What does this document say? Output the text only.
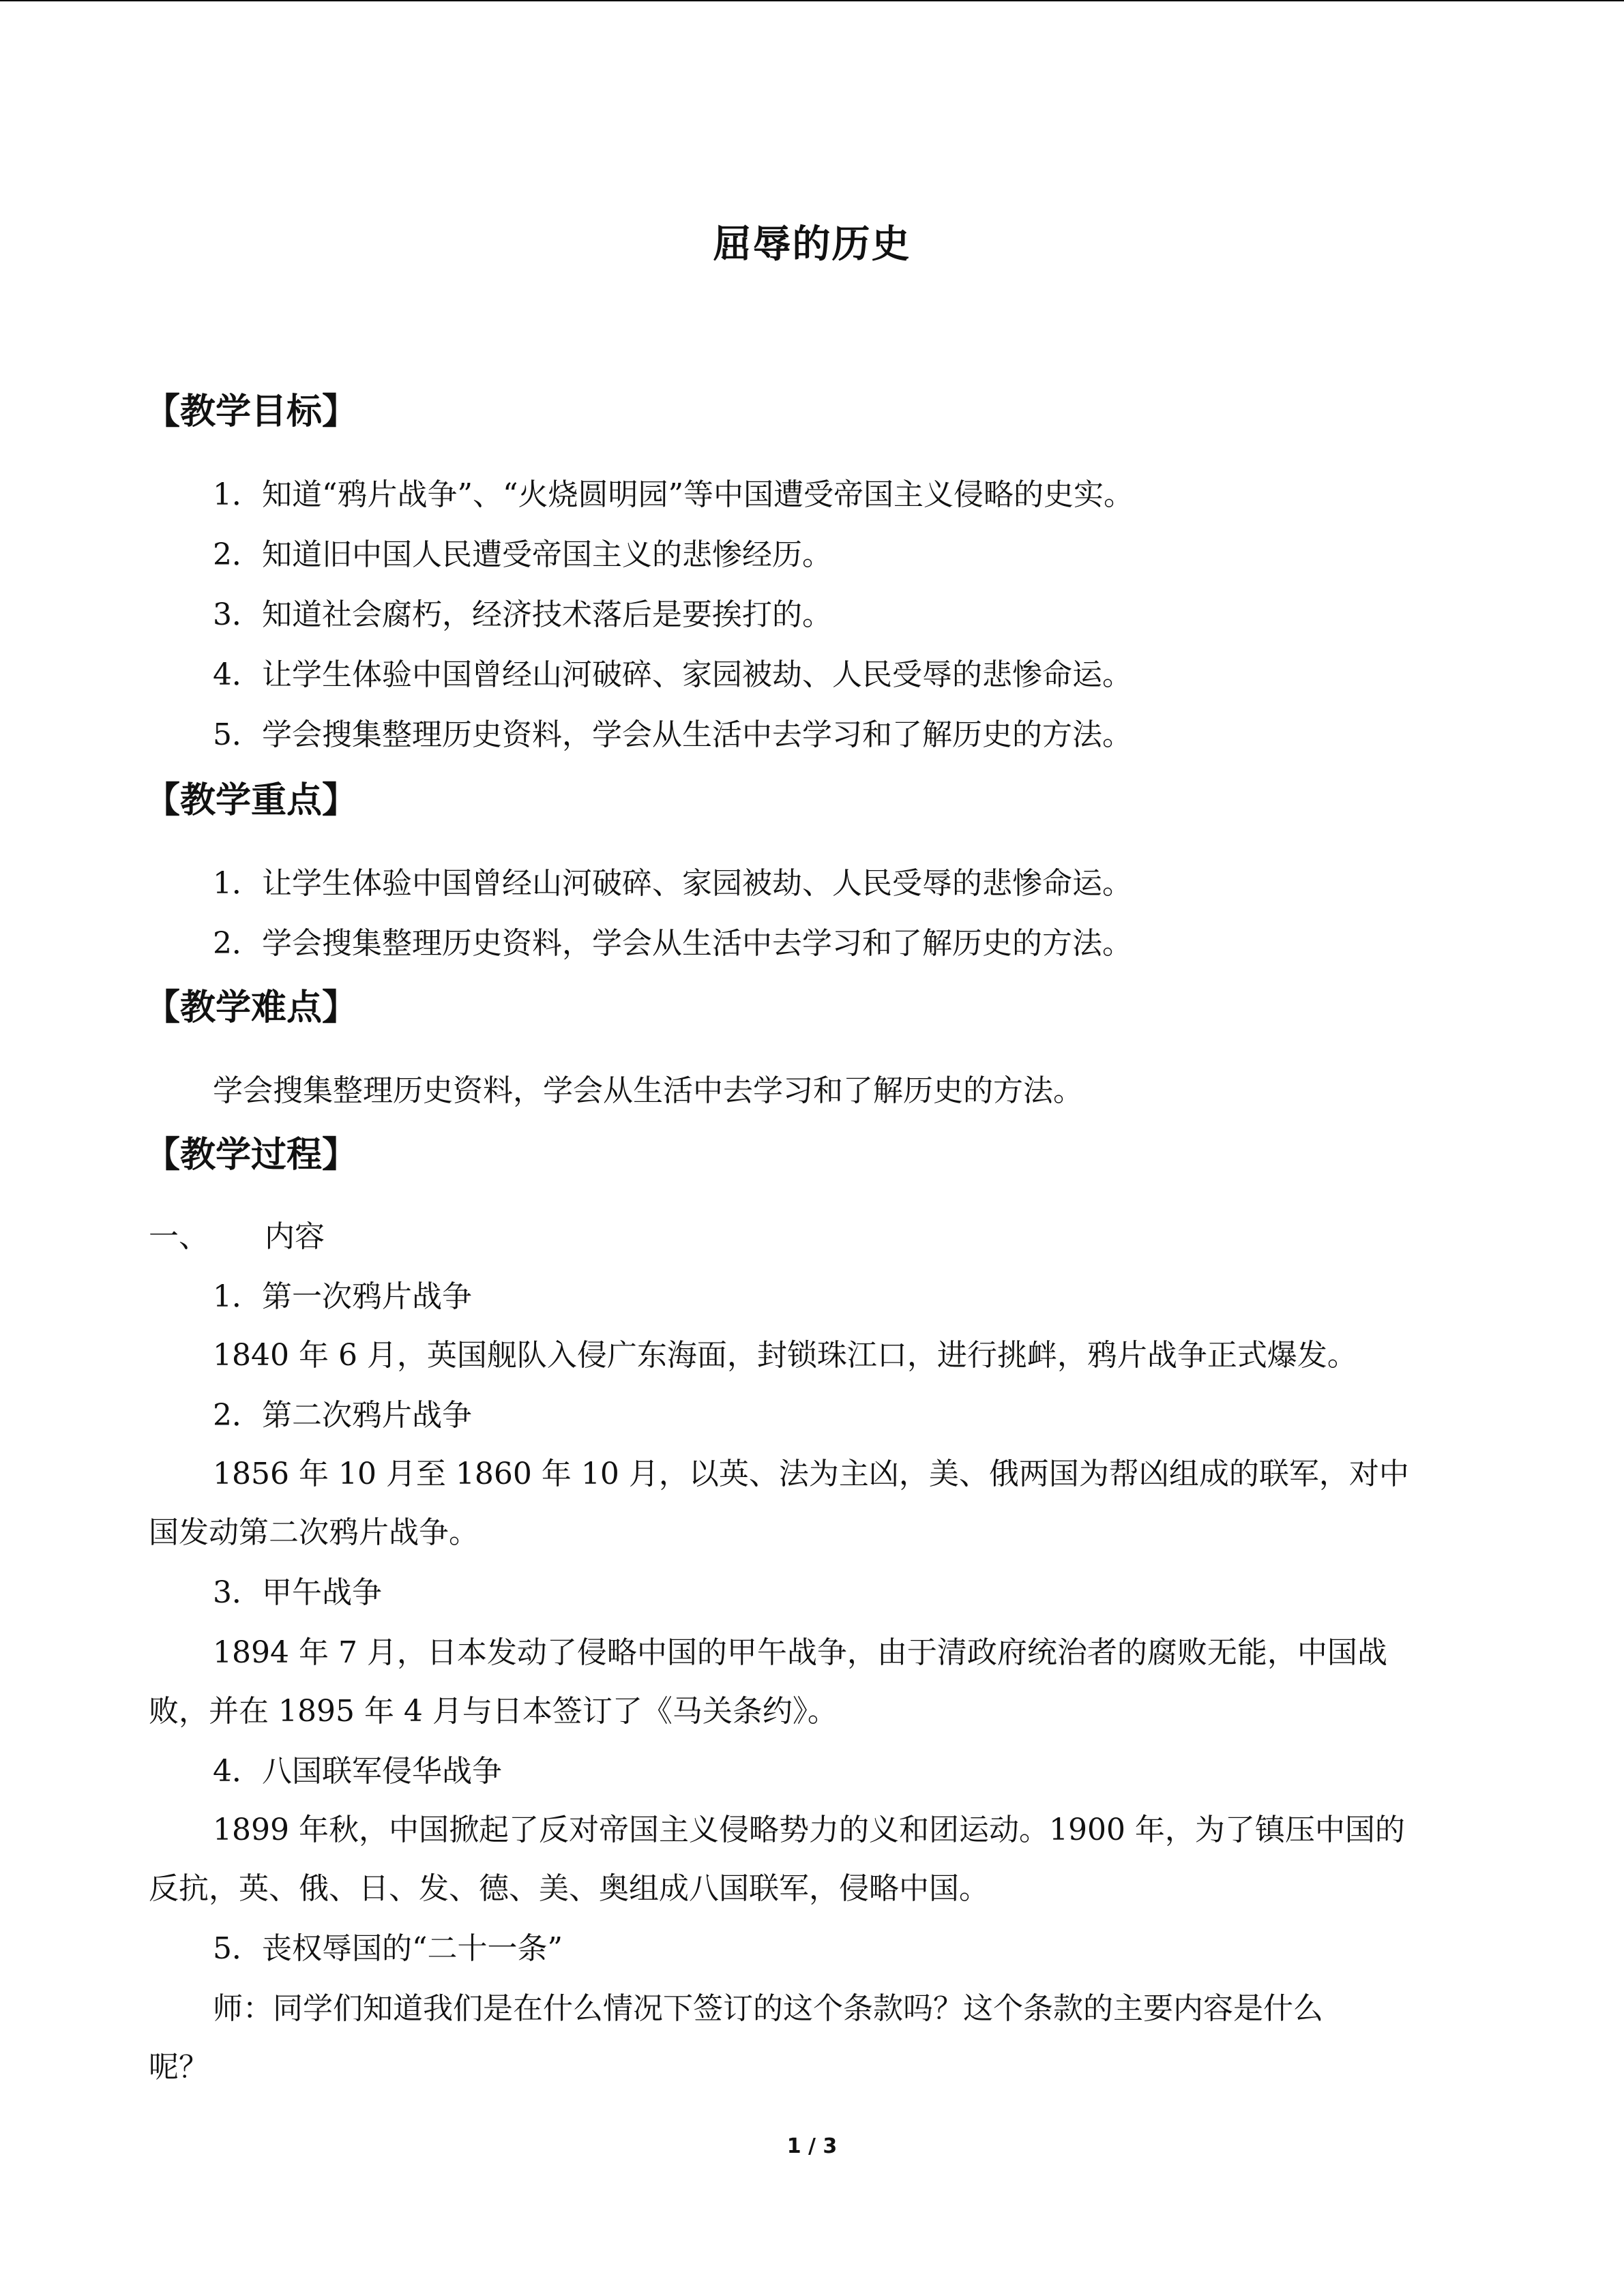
屈辱的历史
【教学目标】
1．知道“鸦片战争”、“火烧圆明园”等中国遭受帝国主义侵略的史实。
2．知道旧中国人民遭受帝国主义的悲惨经历。
3．知道社会腐朽，经济技术落后是要挨打的。
4．让学生体验中国曾经山河破碎、家园被劫、人民受辱的悲惨命运。
5．学会搜集整理历史资料，学会从生活中去学习和了解历史的方法。
【教学重点】
1．让学生体验中国曾经山河破碎、家园被劫、人民受辱的悲惨命运。
2．学会搜集整理历史资料，学会从生活中去学习和了解历史的方法。
【教学难点】
学会搜集整理历史资料，学会从生活中去学习和了解历史的方法。
【教学过程】
一、 内容
1．第一次鸦片战争
1840 年 6 月，英国舰队入侵广东海面，封锁珠江口，进行挑衅，鸦片战争正式爆发。
2．第二次鸦片战争
1856 年 10 月至 1860 年 10 月，以英、法为主凶，美、俄两国为帮凶组成的联军，对中
国发动第二次鸦片战争。
3．甲午战争
1894 年 7 月，日本发动了侵略中国的甲午战争，由于清政府统治者的腐败无能，中国战
败，并在 1895 年 4 月与日本签订了《马关条约》。
4．八国联军侵华战争
1899 年秋，中国掀起了反对帝国主义侵略势力的义和团运动。1900 年，为了镇压中国的
反抗，英、俄、日、发、德、美、奥组成八国联军，侵略中国。
5．丧权辱国的“二十一条”
师：同学们知道我们是在什么情况下签订的这个条款吗？这个条款的主要内容是什么
呢？
1 / 3
